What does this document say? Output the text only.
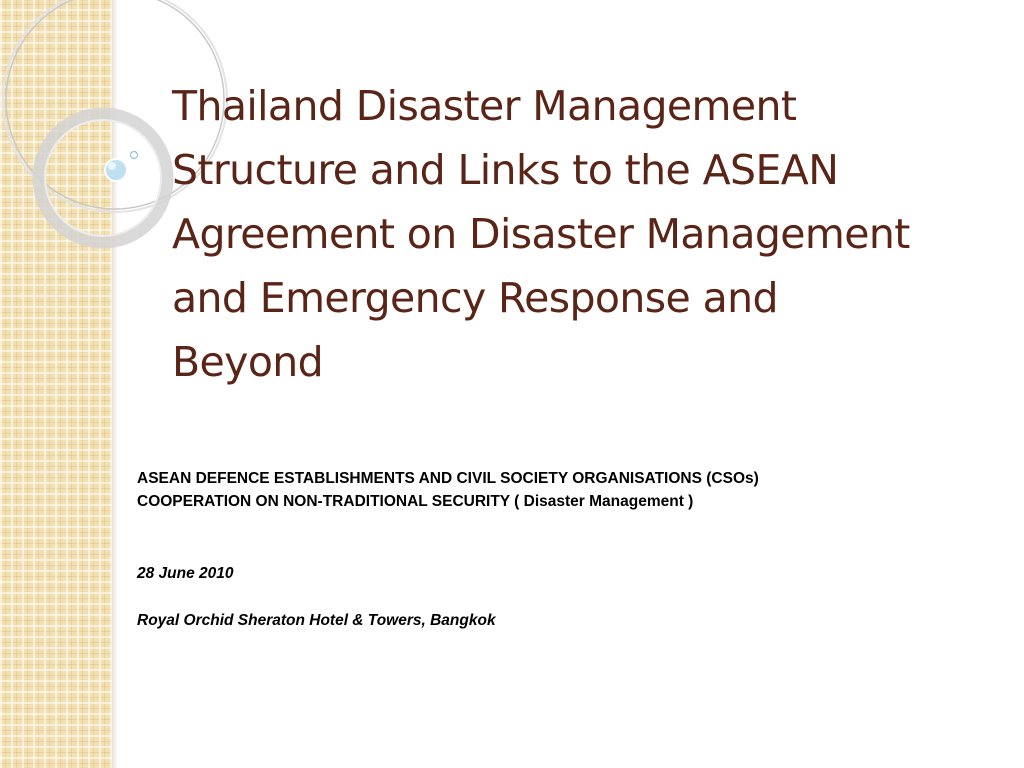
Thailand Disaster Management Structure and Links to the ASEAN Agreement on Disaster Management and Emergency Response and Beyond
ASEAN DEFENCE ESTABLISHMENTS AND CIVIL SOCIETY ORGANISATIONS (CSOs)
COOPERATION ON NON-TRADITIONAL SECURITY ( Disaster Management )
28 June 2010
Royal Orchid Sheraton Hotel & Towers, Bangkok
